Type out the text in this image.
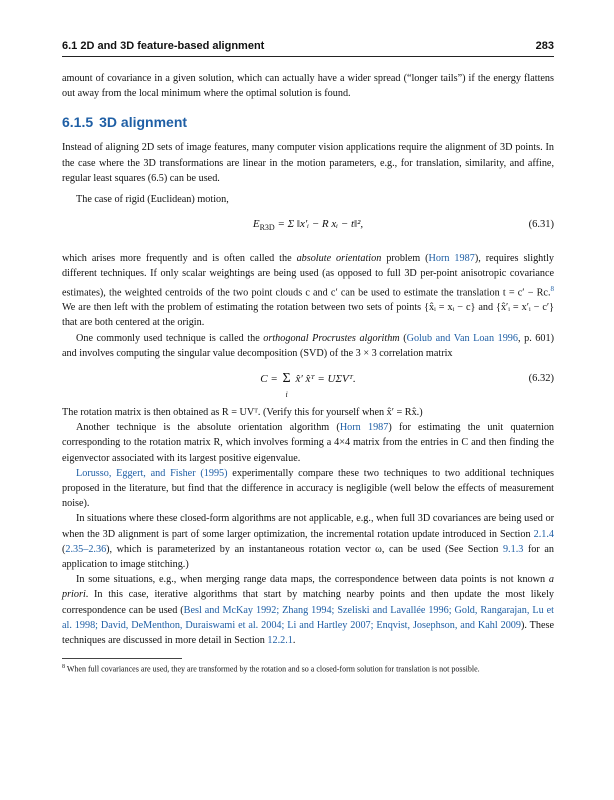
6.1 2D and 3D feature-based alignment	283

amount of covariance in a given solution, which can actually have a wider spread (“longer tails”) if the energy flattens out away from the local minimum where the optimal solution is found.

6.1.5 3D alignment

Instead of aligning 2D sets of image features, many computer vision applications require the alignment of 3D points. In the case where the 3D transformations are linear in the motion parameters, e.g., for translation, similarity, and affine, regular least squares (6.5) can be used.

The case of rigid (Euclidean) motion,

$E_{R3D} = \Sigma$ ‖x′ᵢ − R xᵢ − t‖²,	(6.31)

which arises more frequently and is often called the absolute orientation problem (Horn 1987), requires slightly different techniques. If only scalar weightings are being used (as opposed to full 3D per-point anisotropic covariance estimates), the weighted centroids of the two point clouds c and c′ can be used to estimate the translation t = c′ − Rc.$^8$ We are then left with the problem of estimating the rotation between two sets of points {x̂ᵢ = xᵢ − c} and {x̂′ᵢ = x′ᵢ − c′} that are both centered at the origin.

One commonly used technique is called the orthogonal Procrustes algorithm (Golub and Van Loan 1996, p. 601) and involves computing the singular value decomposition (SVD) of the 3 × 3 correlation matrix

C = Σ
i
x̂′ x̂ᵀ = UΣVᵀ.	(6.32)

The rotation matrix is then obtained as R = UVᵀ. (Verify this for yourself when x̂′ = Rx̂.)

Another technique is the absolute orientation algorithm (Horn 1987) for estimating the unit quaternion corresponding to the rotation matrix R, which involves forming a 4×4 matrix from the entries in C and then finding the eigenvector associated with its largest positive eigenvalue.

Lorusso, Eggert, and Fisher (1995) experimentally compare these two techniques to two additional techniques proposed in the literature, but find that the difference in accuracy is negligible (well below the effects of measurement noise).

In situations where these closed-form algorithms are not applicable, e.g., when full 3D covariances are being used or when the 3D alignment is part of some larger optimization, the incremental rotation update introduced in Section 2.1.4 (2.35–2.36), which is parameterized by an instantaneous rotation vector ω, can be used (See Section 9.1.3 for an application to image stitching.)

In some situations, e.g., when merging range data maps, the correspondence between data points is not known a priori. In this case, iterative algorithms that start by matching nearby points and then update the most likely correspondence can be used (Besl and McKay 1992; Zhang 1994; Szeliski and Lavallée 1996; Gold, Rangarajan, Lu et al. 1998; David, DeMenthon, Duraiswami et al. 2004; Li and Hartley 2007; Enqvist, Josephson, and Kahl 2009). These techniques are discussed in more detail in Section 12.2.1.

$^8$ When full covariances are used, they are transformed by the rotation and so a closed-form solution for translation is not possible.
